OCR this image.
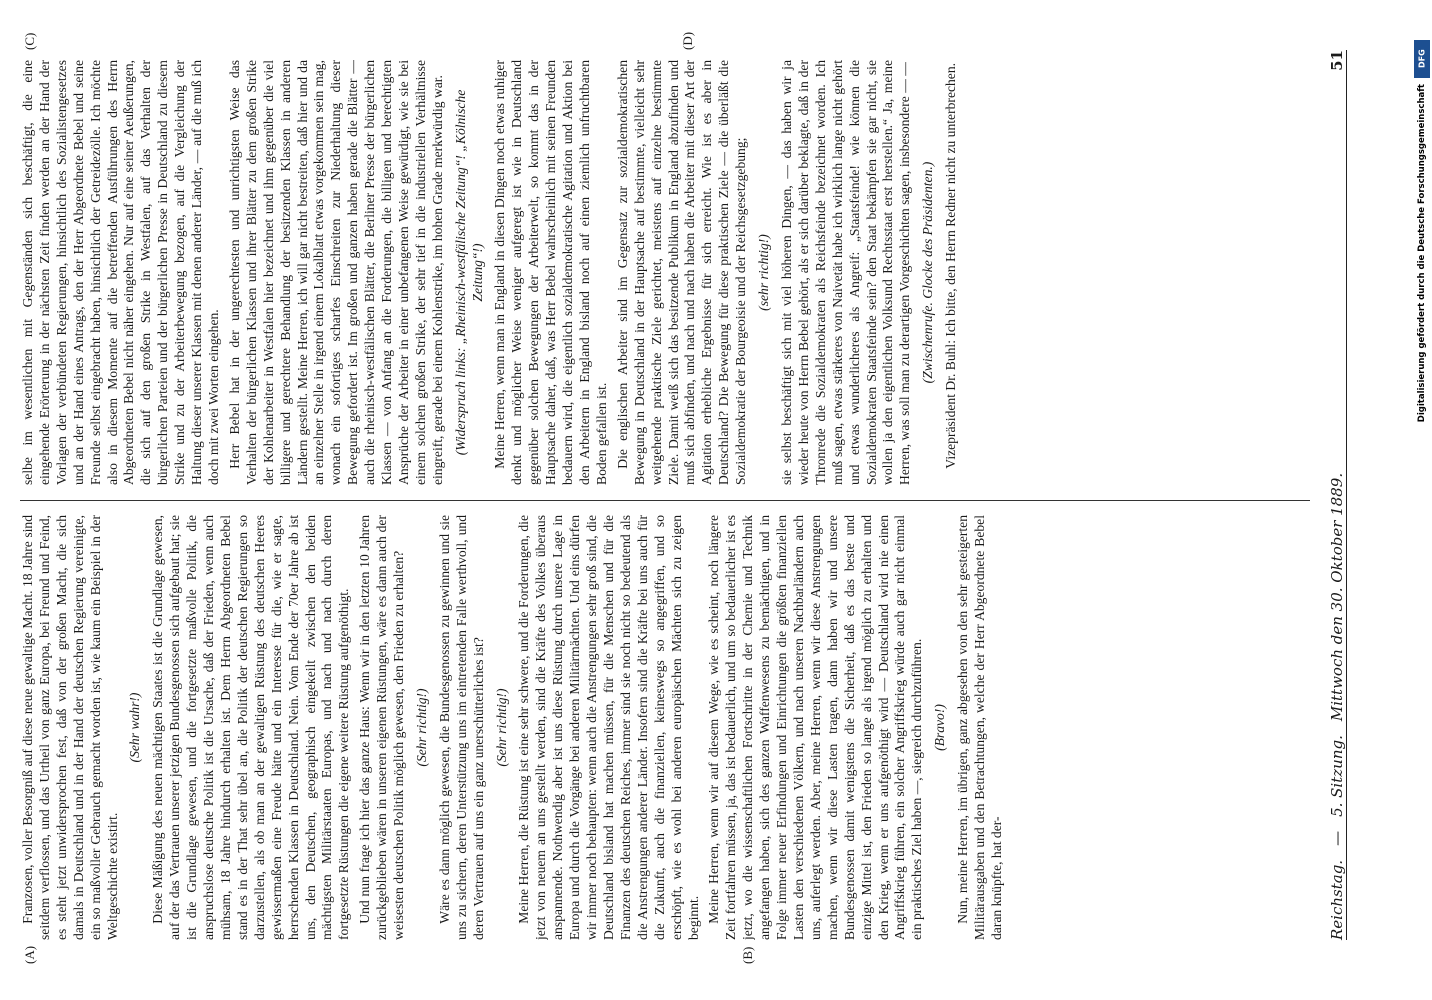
Reichstag.
—
5. Sitzung.
Mittwoch den 30. Oktober 1889.
51
(A)	(B)
(C)	(D)

Franzosen, voller Besorgniß auf diese neue gewaltige Macht. 18 Jahre sind seitdem verflossen, und das Urtheil von ganz Europa, bei Freund und Feind, es steht jetzt unwidersprochen fest, daß von der großen Macht, die sich damals in Deutschland und in der Hand der deutschen Regierung vereinigte, ein so maßvoller Gebrauch gemacht worden ist, wie kaum ein Beispiel in der Weltgeschichte existirt.

(Sehr wahr!) Diese Mäßigung des neuen mächtigen Staates ist die Grundlage gewesen, auf der das Vertrauen unserer jetzigen Bundesgenossen sich aufgebaut hat; sie ist die Grundlage gewesen, und die fortgesetzte maßvolle Politik, die anspruchslose deutsche Politik ist die Ursache, daß der Frieden, wenn auch mühsam, 18 Jahre hindurch erhalten ist. Dem Herrn Abgeordneten Bebel stand es in der That sehr übel an, die Politik der deutschen Regierungen so darzustellen, als ob man an der gewaltigen Rüstung des deutschen Heeres gewissermaßen eine Freude hätte und ein Interesse für die, wie er sagte, herrschenden Klassen in Deutschland. Nein. Vom Ende der 70er Jahre ab ist uns, den Deutschen, geographisch eingekeilt zwischen den beiden mächtigsten Militärstaaten Europas, und nach und nach durch deren fortgesetzte Rüstungen die eigene weitere Rüstung aufgenöthigt. Und nun frage ich hier das ganze Haus: Wenn wir in den letzten 10 Jahren zurückgeblieben wären in unseren eigenen Rüstungen, wäre es dann auch der weisesten deutschen Politik möglich gewesen, den Frieden zu erhalten? (Sehr richtig!) Wäre es dann möglich gewesen, die Bundesgenossen zu gewinnen und sie uns zu sichern, deren Unterstützung uns im eintretenden Falle werthvoll, und deren Vertrauen auf uns ein ganz unerschütterliches ist? (Sehr richtig!) Meine Herren, die Rüstung ist eine sehr schwere, und die Forderungen, die jetzt von neuem an uns gestellt werden, sind die Kräfte des Volkes überaus anspannende. Nothwendig aber ist uns diese Rüstung durch unsere Lage in Europa und durch die Vorgänge bei anderen Militärmächten. Und eins dürfen wir immer noch behaupten: wenn auch die Anstrengungen sehr groß sind, die Deutschland bisland hat machen müssen, für die Menschen und für die Finanzen des deutschen Reiches, immer sind sie noch nicht so bedeutend als die Anstrengungen anderer Länder. Insofern sind die Kräfte bei uns auch für die Zukunft, auch die finanziellen, keineswegs so angegriffen, und so erschöpft, wie es wohl bei anderen europäischen Mächten sich zu zeigen beginnt. Meine Herren, wenn wir auf diesem Wege, wie es scheint, noch längere Zeit fortfahren müssen, ja, das ist bedauerlich, und um so bedauerlicher ist es jetzt, wo die wissenschaftlichen Fortschritte in der Chemie und Technik angefangen haben, sich des ganzen Waffenwesens zu bemächtigen, und in Folge immer neuer Erfindungen und Einrichtungen die größten finanziellen Lasten den verschiedenen Völkern, und nach unseren Nachbarländern auch uns, auferlegt werden. Aber, meine Herren, wenn wir diese Anstrengungen machen, wenn wir diese Lasten tragen, dann haben wir und unsere Bundesgenossen damit wenigstens die Sicherheit, daß es das beste und einzige Mittel ist, den Frieden so lange als irgend möglich zu erhalten und den Krieg, wenn er uns aufgenöthigt wird — Deutschland wird nie einen Angriffskrieg führen, ein solcher Angriffskrieg würde auch gar nicht einmal ein praktisches Ziel haben —, siegreich durchzuführen. (Bravo!) Nun, meine Herren, im übrigen, ganz abgesehen von den sehr gesteigerten Militärausgaben und den Betrachtungen, welche der Herr Abgeordnete Bebel daran knüpfte, hat der-

selbe im wesentlichen mit Gegenständen sich beschäftigt, die eine eingehende Erörterung in der nächsten Zeit finden werden an der Hand der Vorlagen der verbündeten Regierungen, hinsichtlich des Sozialistengesetzes und an der Hand eines Antrags, den der Herr Abgeordnete Bebel und seine Freunde selbst eingebracht haben, hinsichtlich der Getreidezölle. Ich möchte also in diesem Momente auf die betreffenden Ausführungen des Herrn Abgeordneten Bebel nicht näher eingehen. Nur auf eine seiner Aeußerungen, die sich auf den großen Strike in Westfalen, auf das Verhalten der bürgerlichen Parteien und der bürgerlichen Presse in Deutschland zu diesem Strike und zu der Arbeiterbewegung bezogen, auf die Vergleichung der Haltung dieser unserer Klassen mit denen anderer Länder, — auf die muß ich doch mit zwei Worten eingehen. Herr Bebel hat in der ungerechtesten und unrichtigsten Weise das Verhalten der bürgerlichen Klassen und ihrer Blätter zu dem großen Strike der Kohlenarbeiter in Westfalen hier bezeichnet und ihm gegenüber die viel billigere und gerechtere Behandlung der besitzenden Klassen in anderen Ländern gestellt. Meine Herren, ich will gar nicht bestreiten, daß hier und da an einzelner Stelle in irgend einem Lokalblatt etwas vorgekommen sein mag, wonach ein sofortiges scharfes Einschreiten zur Niederhaltung dieser Bewegung gefordert ist. Im großen und ganzen haben gerade die Blätter — auch die rheinisch-westfälischen Blätter, die Berliner Presse der bürgerlichen Klassen — von Anfang an die Forderungen, die billigen und berechtigten Ansprüche der Arbeiter in einer unbefangenen Weise gewürdigt, wie sie bei einem solchen großen Strike, der sehr tief in die industriellen Verhältnisse eingreift, gerade bei einem Kohlenstrike, im hohen Grade merkwürdig war. (Widerspruch links: „Rheinisch-westfälische Zeitung“! „Kölnische Zeitung“!) Meine Herren, wenn man in England in diesen Dingen noch etwas ruhiger denkt und möglicher Weise weniger aufgeregt ist wie in Deutschland gegenüber solchen Bewegungen der Arbeiterwelt, so kommt das in der Hauptsache daher, daß, was Herr Bebel wahrscheinlich mit seinen Freunden bedauern wird, die eigentlich sozialdemokratische Agitation und Aktion bei den Arbeitern in England bisland noch auf einen ziemlich unfruchtbaren Boden gefallen ist. Die englischen Arbeiter sind im Gegensatz zur sozialdemokratischen Bewegung in Deutschland in der Hauptsache auf bestimmte, vielleicht sehr weitgehende praktische Ziele gerichtet, meistens auf einzelne bestimmte Ziele. Damit weiß sich das besitzende Publikum in England abzufinden und muß sich abfinden, und nach und nach haben die Arbeiter mit dieser Art der Agitation erhebliche Ergebnisse für sich erreicht. Wie ist es aber in Deutschland? Die Bewegung für diese praktischen Ziele — die überläßt die Sozialdemokratie der Bourgeoisie und der Reichsgesetzgebung; (sehr richtig!) sie selbst beschäftigt sich mit viel höheren Dingen, — das haben wir ja wieder heute von Herrn Bebel gehört, als er sich darüber beklagte, daß in der Thronrede die Sozialdemokraten als Reichsfeinde bezeichnet worden. Ich muß sagen, etwas stärkeres von Naivetät habe ich wirklich lange nicht gehört und etwas wunderlicheres als Angreif: „Staatsfeinde! wie können die Sozialdemokraten Staatsfeinde sein? den Staat bekämpfen sie gar nicht, sie wollen ja den eigentlichen Volksund Rechtsstaat erst herstellen.“ Ja, meine Herren, was soll man zu derartigen Vorgeschichten sagen, insbesondere — — (Zwischenrufe. Glocke des Präsidenten.) Vizepräsident Dr. Buhl: Ich bitte, den Herrn Redner nicht zu unterbrechen.

DFG
Digitalisierung gefördert durch die Deutsche Forschungsgemeinschaft
